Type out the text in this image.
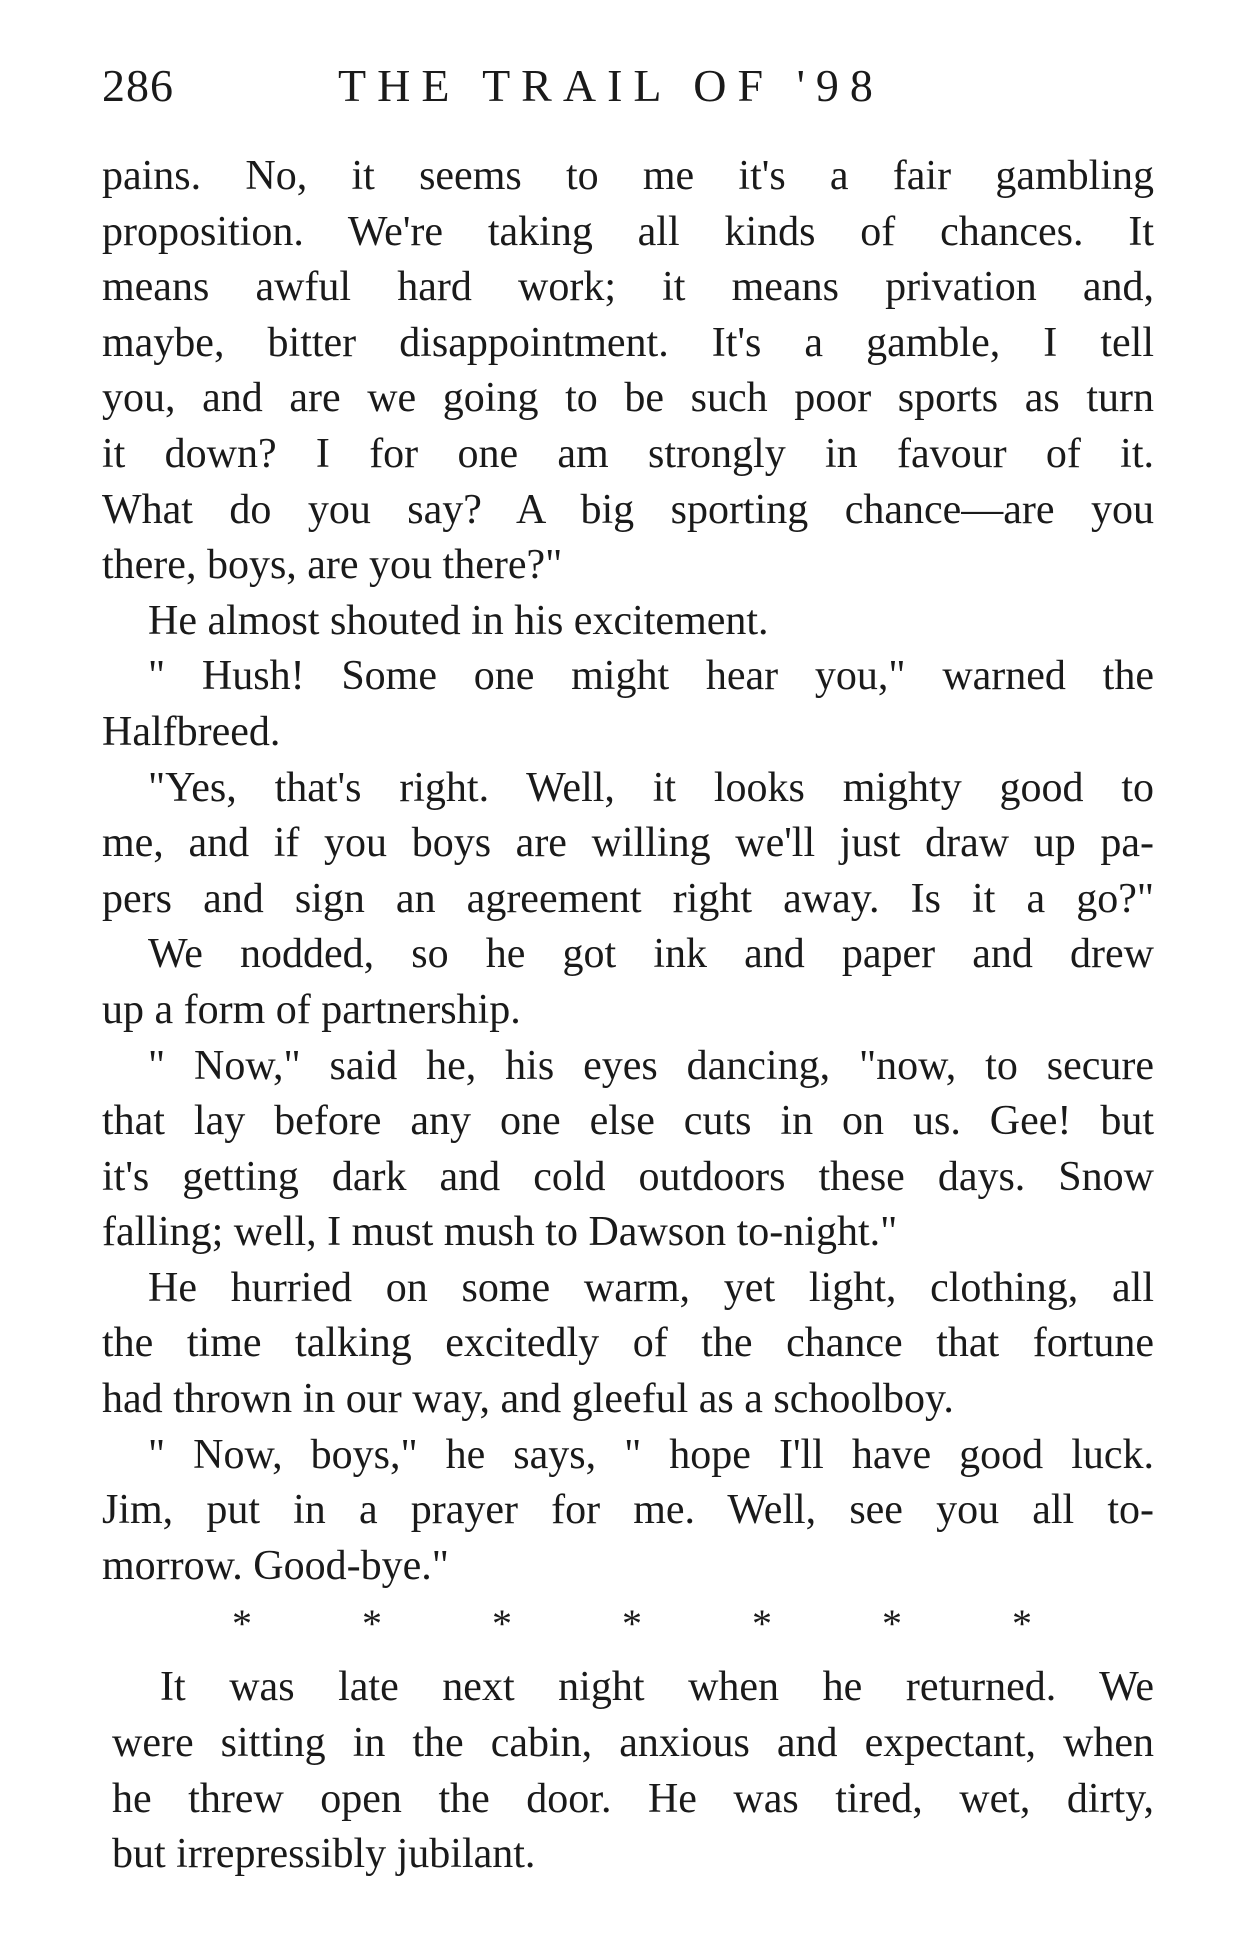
286	THE TRAIL OF '98
pains. No, it seems to me it's a fair gambling
proposition. We're taking all kinds of chances. It
means awful hard work; it means privation and,
maybe, bitter disappointment. It's a gamble, I tell
you, and are we going to be such poor sports as turn
it down? I for one am strongly in favour of it.
What do you say? A big sporting chance—are you
there, boys, are you there?"
He almost shouted in his excitement.
" Hush! Some one might hear you," warned the
Halfbreed.
"Yes, that's right. Well, it looks mighty good to
me, and if you boys are willing we'll just draw up pa-
pers and sign an agreement right away. Is it a go?"
We nodded, so he got ink and paper and drew
up a form of partnership.
" Now," said he, his eyes dancing, "now, to secure
that lay before any one else cuts in on us. Gee! but
it's getting dark and cold outdoors these days. Snow
falling; well, I must mush to Dawson to-night."
He hurried on some warm, yet light, clothing, all
the time talking excitedly of the chance that fortune
had thrown in our way, and gleeful as a schoolboy.
" Now, boys," he says, " hope I'll have good luck.
Jim, put in a prayer for me. Well, see you all to-
morrow. Good-bye."
*	*	*	*	*	*	*
It was late next night when he returned. We
were sitting in the cabin, anxious and expectant, when
he threw open the door. He was tired, wet, dirty,
but irrepressibly jubilant.
